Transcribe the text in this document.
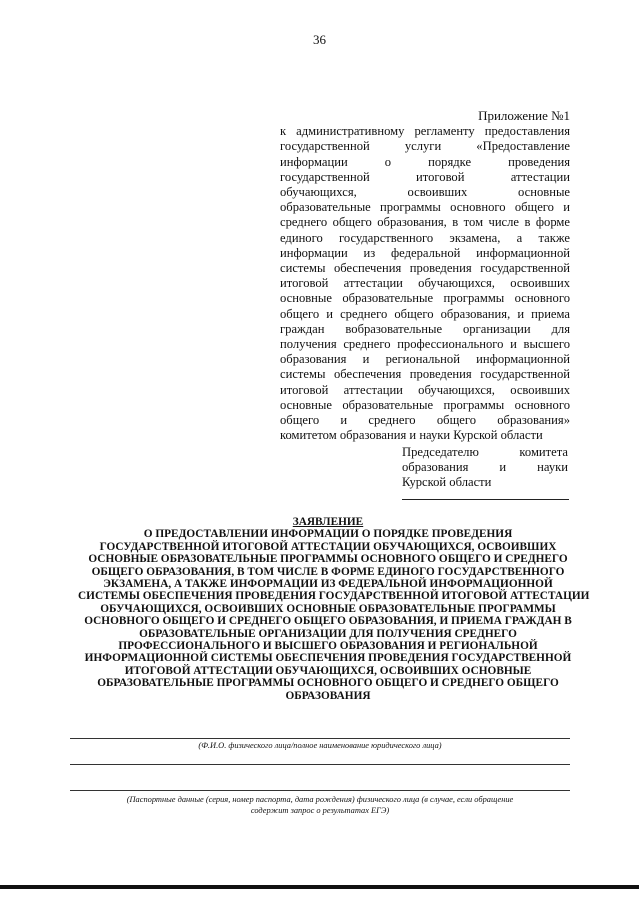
36
Приложение №1
к административному регламенту предоставления
государственной услуги «Предоставление
информации о порядке проведения
государственной итоговой аттестации
обучающихся, освоивших основные
образовательные программы основного общего и
среднего общего образования, в том числе в форме
единого государственного экзамена, а также
информации из федеральной информационной
системы обеспечения проведения государственной
итоговой аттестации обучающихся, освоивших
основные образовательные программы основного
общего и среднего общего образования, и приема
граждан вобразовательные организации для
получения среднего профессионального и высшего
образования и региональной информационной
системы обеспечения проведения государственной
итоговой аттестации обучающихся, освоивших
основные образовательные программы основного
общего и среднего общего образования»
комитетом образования и науки Курской области
Председателю комитета
образования и науки
Курской области
ЗАЯВЛЕНИЕ
О ПРЕДОСТАВЛЕНИИ ИНФОРМАЦИИ О ПОРЯДКЕ ПРОВЕДЕНИЯ
ГОСУДАРСТВЕННОЙ ИТОГОВОЙ АТТЕСТАЦИИ ОБУЧАЮЩИХСЯ, ОСВОИВШИХ
ОСНОВНЫЕ ОБРАЗОВАТЕЛЬНЫЕ ПРОГРАММЫ ОСНОВНОГО ОБЩЕГО И СРЕДНЕГО
ОБЩЕГО ОБРАЗОВАНИЯ, В ТОМ ЧИСЛЕ В ФОРМЕ ЕДИНОГО ГОСУДАРСТВЕННОГО
ЭКЗАМЕНА, А ТАКЖЕ ИНФОРМАЦИИ ИЗ ФЕДЕРАЛЬНОЙ ИНФОРМАЦИОННОЙ
СИСТЕМЫ ОБЕСПЕЧЕНИЯ ПРОВЕДЕНИЯ ГОСУДАРСТВЕННОЙ ИТОГОВОЙ АТТЕСТАЦИИ
ОБУЧАЮЩИХСЯ, ОСВОИВШИХ ОСНОВНЫЕ ОБРАЗОВАТЕЛЬНЫЕ ПРОГРАММЫ
ОСНОВНОГО ОБЩЕГО И СРЕДНЕГО ОБЩЕГО ОБРАЗОВАНИЯ, И ПРИЕМА ГРАЖДАН В
ОБРАЗОВАТЕЛЬНЫЕ ОРГАНИЗАЦИИ ДЛЯ ПОЛУЧЕНИЯ СРЕДНЕГО
ПРОФЕССИОНАЛЬНОГО И ВЫСШЕГО ОБРАЗОВАНИЯ И РЕГИОНАЛЬНОЙ
ИНФОРМАЦИОННОЙ СИСТЕМЫ ОБЕСПЕЧЕНИЯ ПРОВЕДЕНИЯ ГОСУДАРСТВЕННОЙ
ИТОГОВОЙ АТТЕСТАЦИИ ОБУЧАЮЩИХСЯ, ОСВОИВШИХ ОСНОВНЫЕ
ОБРАЗОВАТЕЛЬНЫЕ ПРОГРАММЫ ОСНОВНОГО ОБЩЕГО И СРЕДНЕГО ОБЩЕГО
ОБРАЗОВАНИЯ
(Ф.И.О. физического лица/полное наименование юридического лица)
(Паспортные данные (серия, номер паспорта, дата рождения) физического лица (в случае, если обращение
содержит запрос о результатах ЕГЭ)
